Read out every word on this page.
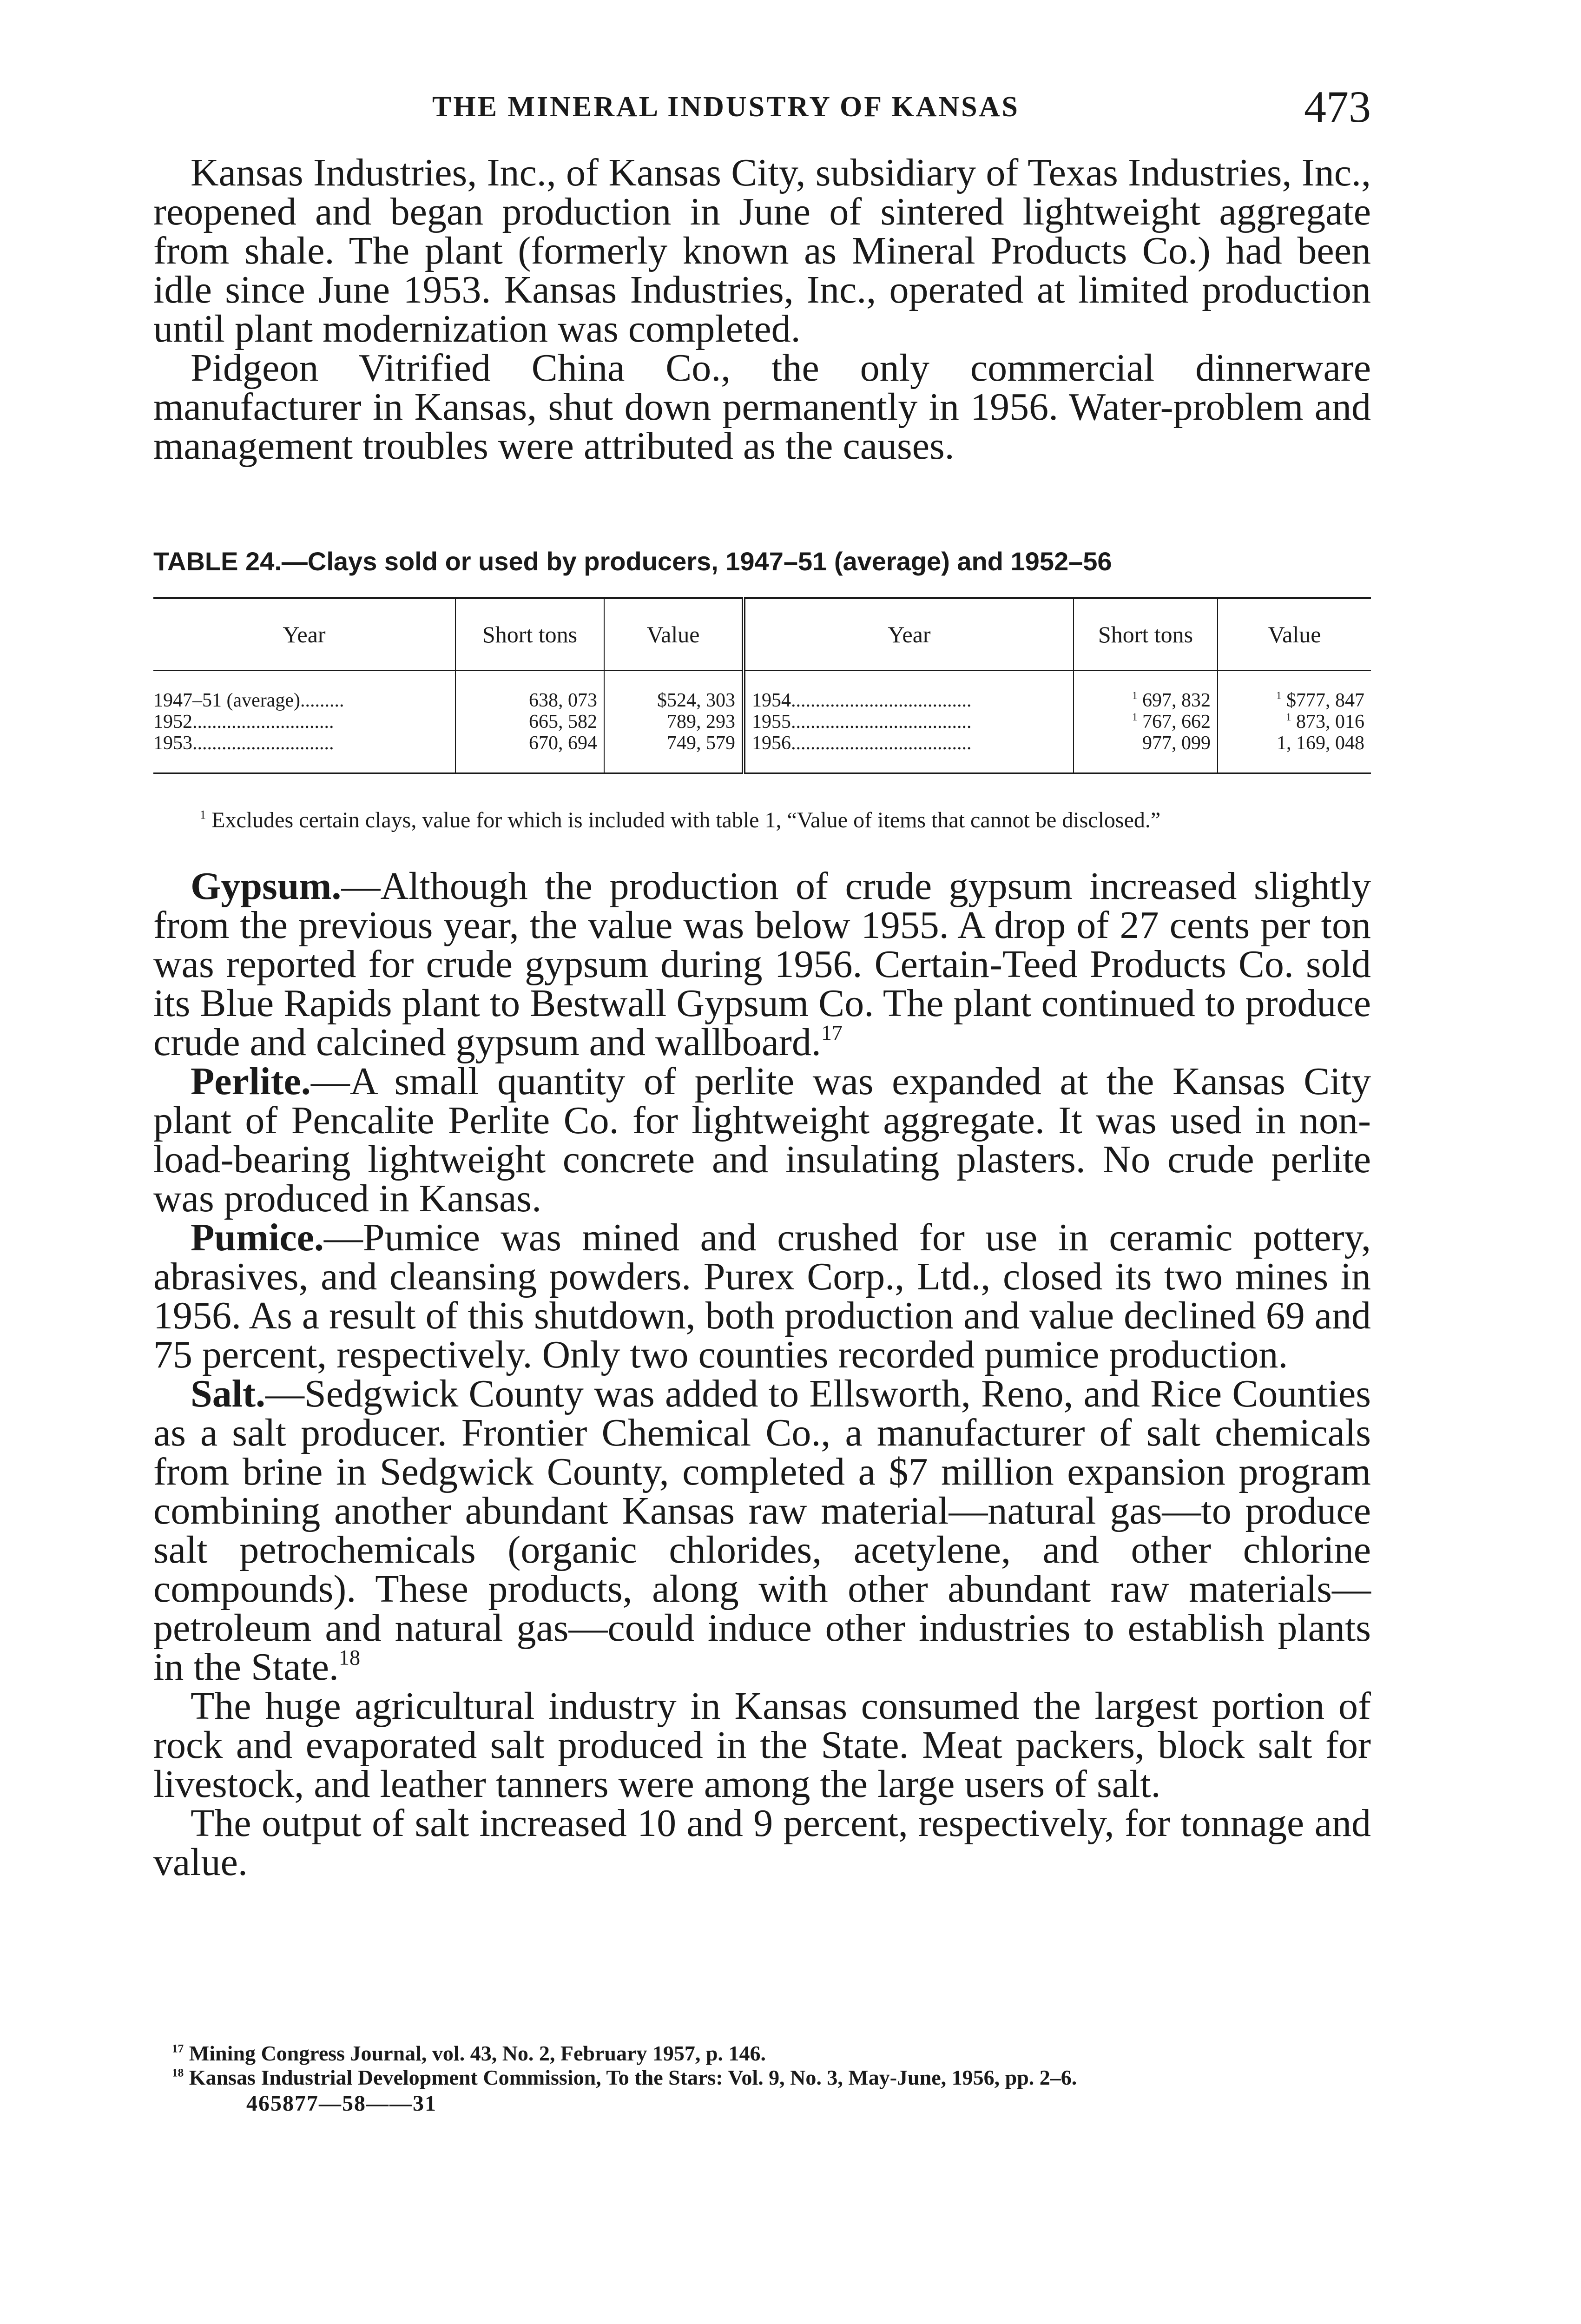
THE MINERAL INDUSTRY OF KANSAS	473

Kansas Industries, Inc., of Kansas City, subsidiary of Texas Industries, Inc., reopened and began production in June of sintered lightweight aggregate from shale. The plant (formerly known as Mineral Products Co.) had been idle since June 1953. Kansas Industries, Inc., operated at limited production until plant modernization was completed.

Pidgeon Vitrified China Co., the only commercial dinnerware manufacturer in Kansas, shut down permanently in 1956. Water-problem and management troubles were attributed as the causes.

TABLE 24.—Clays sold or used by producers, 1947–51 (average) and 1952–56
Year	Short tons	Value	Year	Short tons	Value
1947–51 (average).........	638, 073	$524, 303	1954.....................................	$^1$ 697, 832	$^1$ $777, 847
1952.............................	665, 582	789, 293	1955.....................................	$^1$ 767, 662	$^1$ 873, 016
1953.............................	670, 694	749, 579	1956.....................................	977, 099	1, 169, 048
$^1$ Excludes certain clays, value for which is included with table 1, “Value of items that cannot be disclosed.”

Gypsum.—Although the production of crude gypsum increased slightly from the previous year, the value was below 1955. A drop of 27 cents per ton was reported for crude gypsum during 1956. Certain-Teed Products Co. sold its Blue Rapids plant to Bestwall Gypsum Co. The plant continued to produce crude and calcined gypsum and wallboard.$^{17}$

Perlite.—A small quantity of perlite was expanded at the Kansas City plant of Pencalite Perlite Co. for lightweight aggregate. It was used in non-load-bearing lightweight concrete and insulating plasters. No crude perlite was produced in Kansas.

Pumice.—Pumice was mined and crushed for use in ceramic pottery, abrasives, and cleansing powders. Purex Corp., Ltd., closed its two mines in 1956. As a result of this shutdown, both production and value declined 69 and 75 percent, respectively. Only two counties recorded pumice production.

Salt.—Sedgwick County was added to Ellsworth, Reno, and Rice Counties as a salt producer. Frontier Chemical Co., a manufacturer of salt chemicals from brine in Sedgwick County, completed a $7 million expansion program combining another abundant Kansas raw material—natural gas—to produce salt petrochemicals (organic chlorides, acetylene, and other chlorine compounds). These products, along with other abundant raw materials—petroleum and natural gas—could induce other industries to establish plants in the State.$^{18}$

The huge agricultural industry in Kansas consumed the largest portion of rock and evaporated salt produced in the State. Meat packers, block salt for livestock, and leather tanners were among the large users of salt.

The output of salt increased 10 and 9 percent, respectively, for tonnage and value.

$^{17}$ Mining Congress Journal, vol. 43, No. 2, February 1957, p. 146.

$^{18}$ Kansas Industrial Development Commission, To the Stars: Vol. 9, No. 3, May-June, 1956, pp. 2–6.

465877—58——31
